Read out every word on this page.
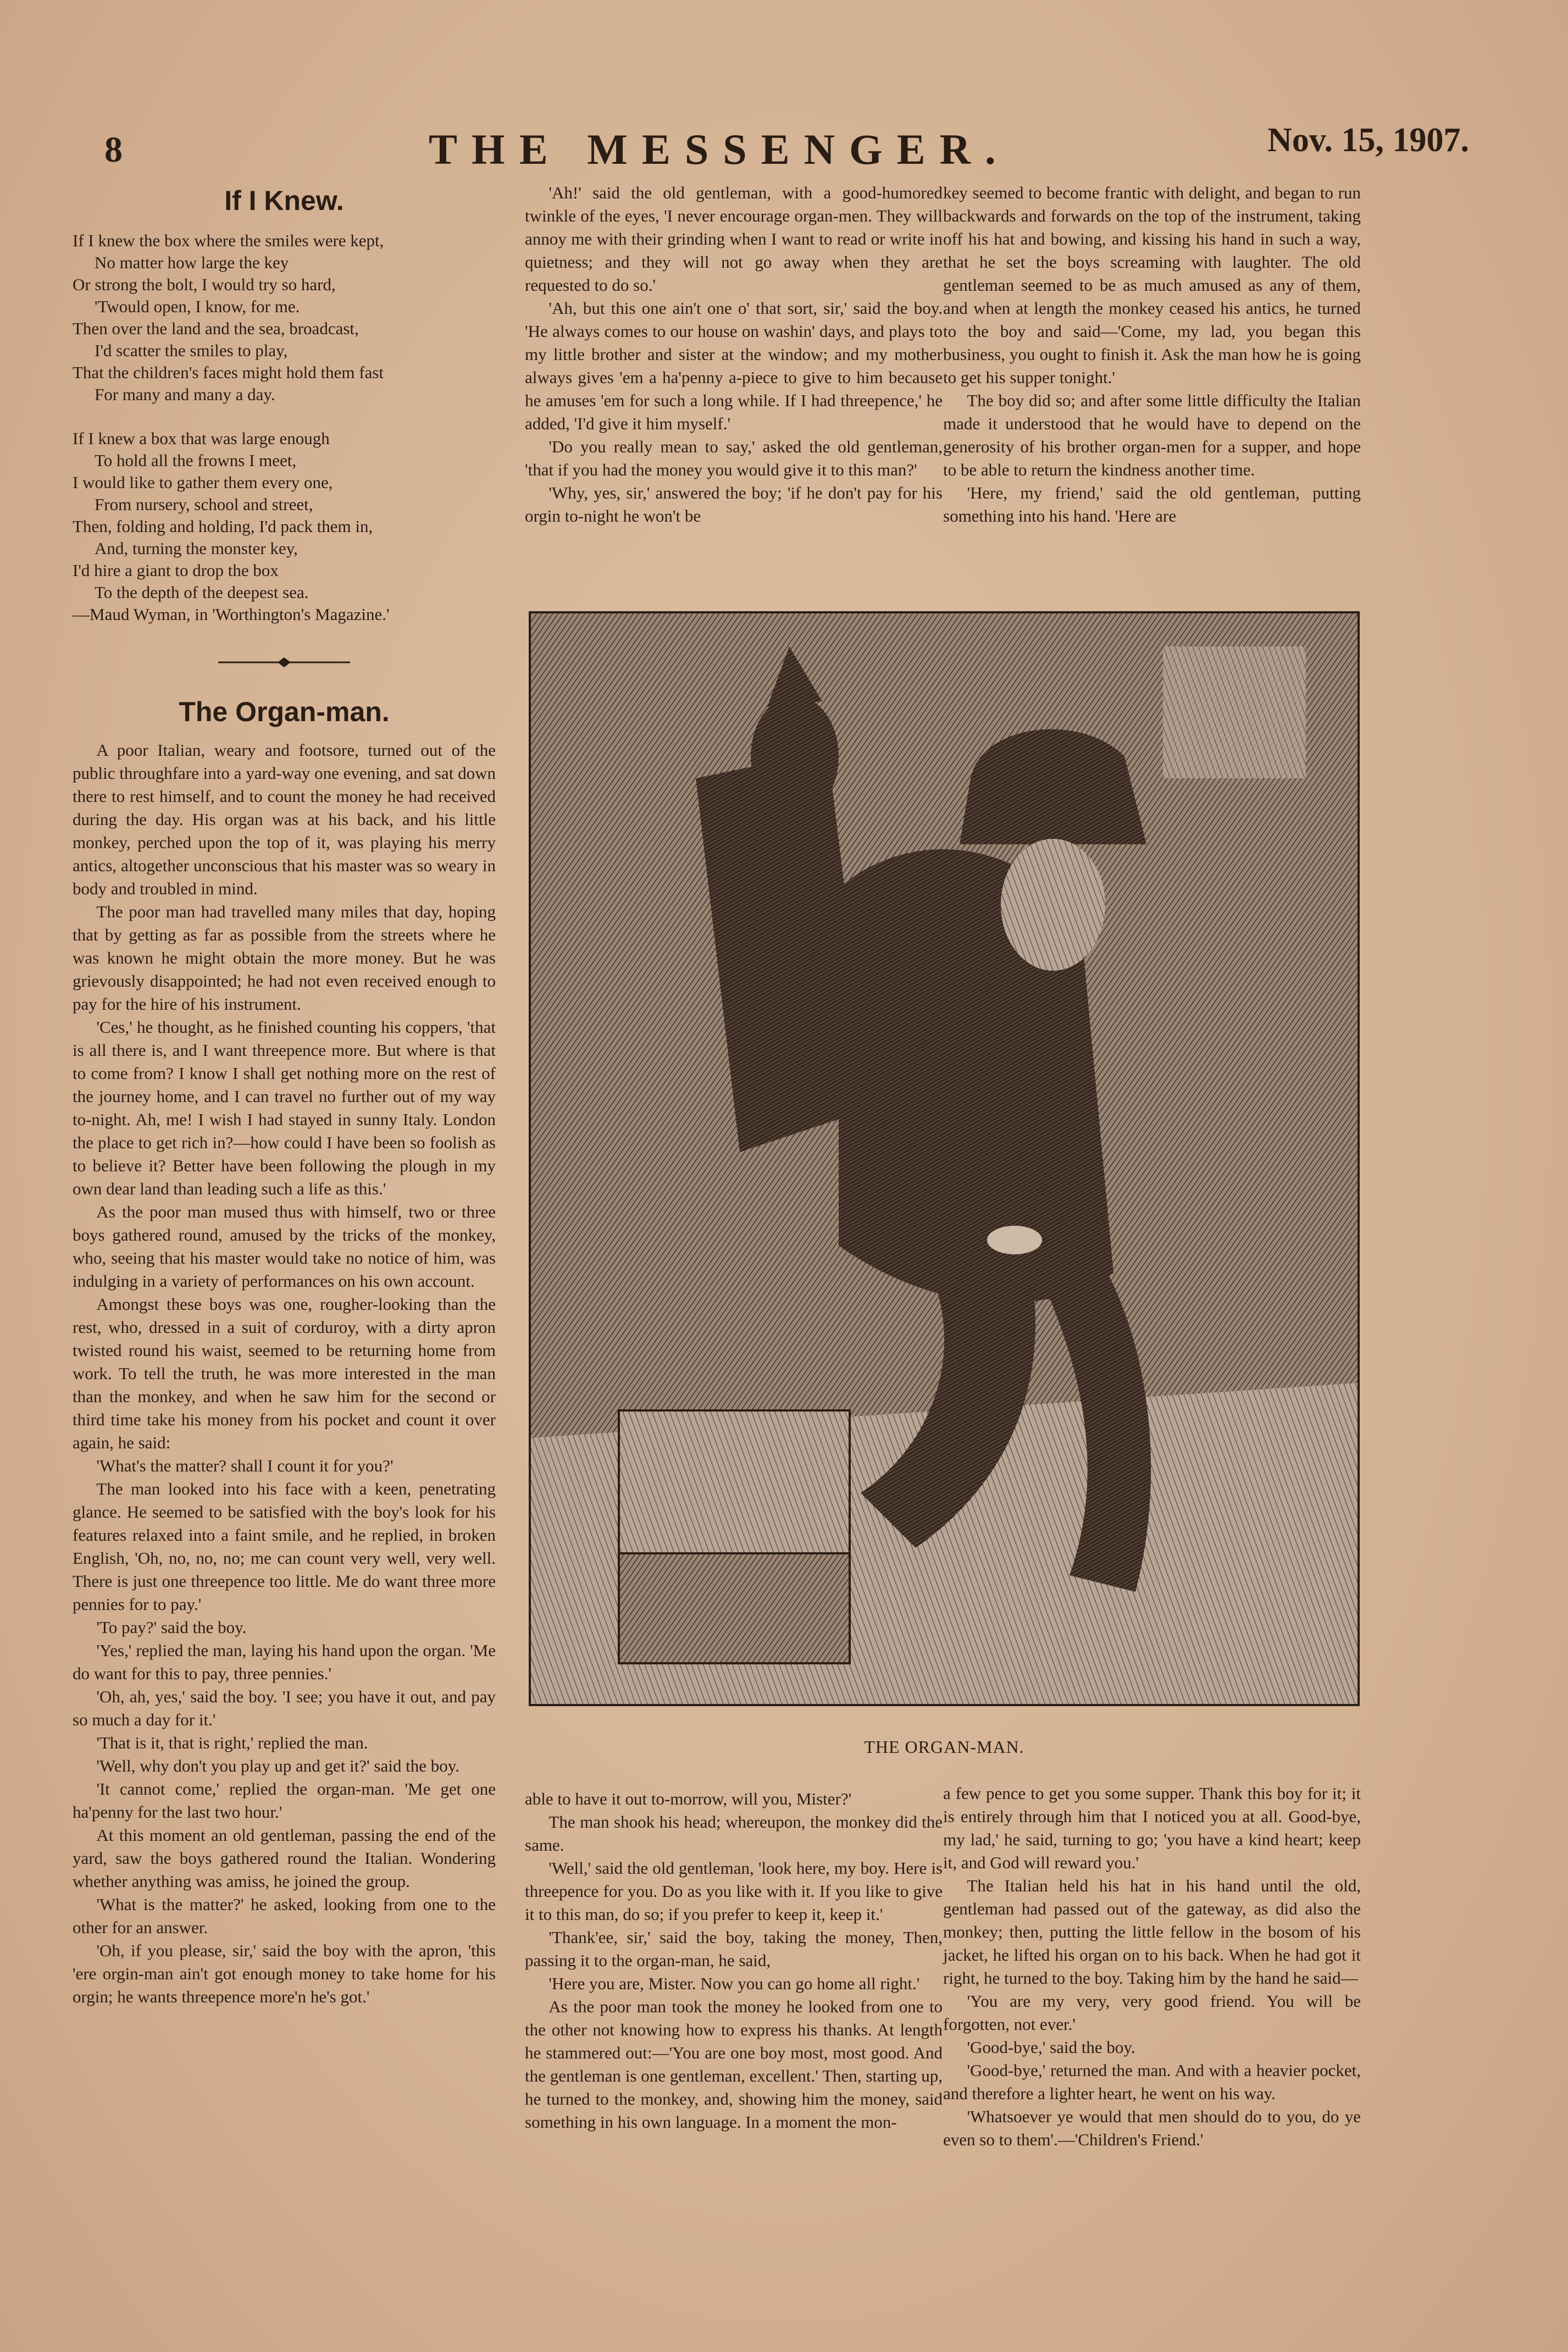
8	THE MESSENGER.	Nov. 15, 1907.
If I Knew.
If I knew the box where the smiles were kept,
No matter how large the key
Or strong the bolt, I would try so hard,
'Twould open, I know, for me.
Then over the land and the sea, broadcast,
I'd scatter the smiles to play,
That the children's faces might hold them fast
For many and many a day.
If I knew a box that was large enough
To hold all the frowns I meet,
I would like to gather them every one,
From nursery, school and street,
Then, folding and holding, I'd pack them in,
And, turning the monster key,
I'd hire a giant to drop the box
To the depth of the deepest sea.
—Maud Wyman, in 'Worthington's Magazine.'
The Organ-man.

A poor Italian, weary and footsore, turned out of the public throughfare into a yard-way one evening, and sat down there to rest himself, and to count the money he had received during the day. His organ was at his back, and his little monkey, perched upon the top of it, was playing his merry antics, altogether unconscious that his master was so weary in body and troubled in mind.

The poor man had travelled many miles that day, hoping that by getting as far as possible from the streets where he was known he might obtain the more money. But he was grievously disappointed; he had not even received enough to pay for the hire of his instrument.

'Ces,' he thought, as he finished counting his coppers, 'that is all there is, and I want threepence more. But where is that to come from? I know I shall get nothing more on the rest of the journey home, and I can travel no further out of my way to-night. Ah, me! I wish I had stayed in sunny Italy. London the place to get rich in?—how could I have been so foolish as to believe it? Better have been following the plough in my own dear land than leading such a life as this.'

As the poor man mused thus with himself, two or three boys gathered round, amused by the tricks of the monkey, who, seeing that his master would take no notice of him, was indulging in a variety of performances on his own account.

Amongst these boys was one, rougher-looking than the rest, who, dressed in a suit of corduroy, with a dirty apron twisted round his waist, seemed to be returning home from work. To tell the truth, he was more interested in the man than the monkey, and when he saw him for the second or third time take his money from his pocket and count it over again, he said:

'What's the matter? shall I count it for you?'

The man looked into his face with a keen, penetrating glance. He seemed to be satisfied with the boy's look for his features relaxed into a faint smile, and he replied, in broken English, 'Oh, no, no, no; me can count very well, very well. There is just one threepence too little. Me do want three more pennies for to pay.'

'To pay?' said the boy.

'Yes,' replied the man, laying his hand upon the organ. 'Me do want for this to pay, three pennies.'

'Oh, ah, yes,' said the boy. 'I see; you have it out, and pay so much a day for it.'

'That is it, that is right,' replied the man.

'Well, why don't you play up and get it?' said the boy.

'It cannot come,' replied the organ-man. 'Me get one ha'penny for the last two hour.'

At this moment an old gentleman, passing the end of the yard, saw the boys gathered round the Italian. Wondering whether anything was amiss, he joined the group.

'What is the matter?' he asked, looking from one to the other for an answer.

'Oh, if you please, sir,' said the boy with the apron, 'this 'ere orgin-man ain't got enough money to take home for his orgin; he wants threepence more'n he's got.'

'Ah!' said the old gentleman, with a good-humored twinkle of the eyes, 'I never encourage organ-men. They will annoy me with their grinding when I want to read or write in quietness; and they will not go away when they are requested to do so.'

'Ah, but this one ain't one o' that sort, sir,' said the boy. 'He always comes to our house on washin' days, and plays to my little brother and sister at the window; and my mother always gives 'em a ha'penny a-piece to give to him because he amuses 'em for such a long while. If I had threepence,' he added, 'I'd give it him myself.'

'Do you really mean to say,' asked the old gentleman, 'that if you had the money you would give it to this man?'

'Why, yes, sir,' answered the boy; 'if he don't pay for his orgin to-night he won't be

key seemed to become frantic with delight, and began to run backwards and forwards on the top of the instrument, taking off his hat and bowing, and kissing his hand in such a way, that he set the boys screaming with laughter. The old gentleman seemed to be as much amused as any of them, and when at length the monkey ceased his antics, he turned to the boy and said—'Come, my lad, you began this business, you ought to finish it. Ask the man how he is going to get his supper tonight.'

The boy did so; and after some little difficulty the Italian made it understood that he would have to depend on the generosity of his brother organ-men for a supper, and hope to be able to return the kindness another time.

'Here, my friend,' said the old gentleman, putting something into his hand. 'Here are

THE ORGAN-MAN.

able to have it out to-morrow, will you, Mister?'

The man shook his head; whereupon, the monkey did the same.

'Well,' said the old gentleman, 'look here, my boy. Here is threepence for you. Do as you like with it. If you like to give it to this man, do so; if you prefer to keep it, keep it.'

'Thank'ee, sir,' said the boy, taking the money, Then, passing it to the organ-man, he said,

'Here you are, Mister. Now you can go home all right.'

As the poor man took the money he looked from one to the other not knowing how to express his thanks. At length he stammered out:—'You are one boy most, most good. And the gentleman is one gentleman, excellent.' Then, starting up, he turned to the monkey, and, showing him the money, said something in his own language. In a moment the mon-

a few pence to get you some supper. Thank this boy for it; it is entirely through him that I noticed you at all. Good-bye, my lad,' he said, turning to go; 'you have a kind heart; keep it, and God will reward you.'

The Italian held his hat in his hand until the old, gentleman had passed out of the gateway, as did also the monkey; then, putting the little fellow in the bosom of his jacket, he lifted his organ on to his back. When he had got it right, he turned to the boy. Taking him by the hand he said—

'You are my very, very good friend. You will be forgotten, not ever.'

'Good-bye,' said the boy.

'Good-bye,' returned the man. And with a heavier pocket, and therefore a lighter heart, he went on his way.

'Whatsoever ye would that men should do to you, do ye even so to them'.—'Children's Friend.'
